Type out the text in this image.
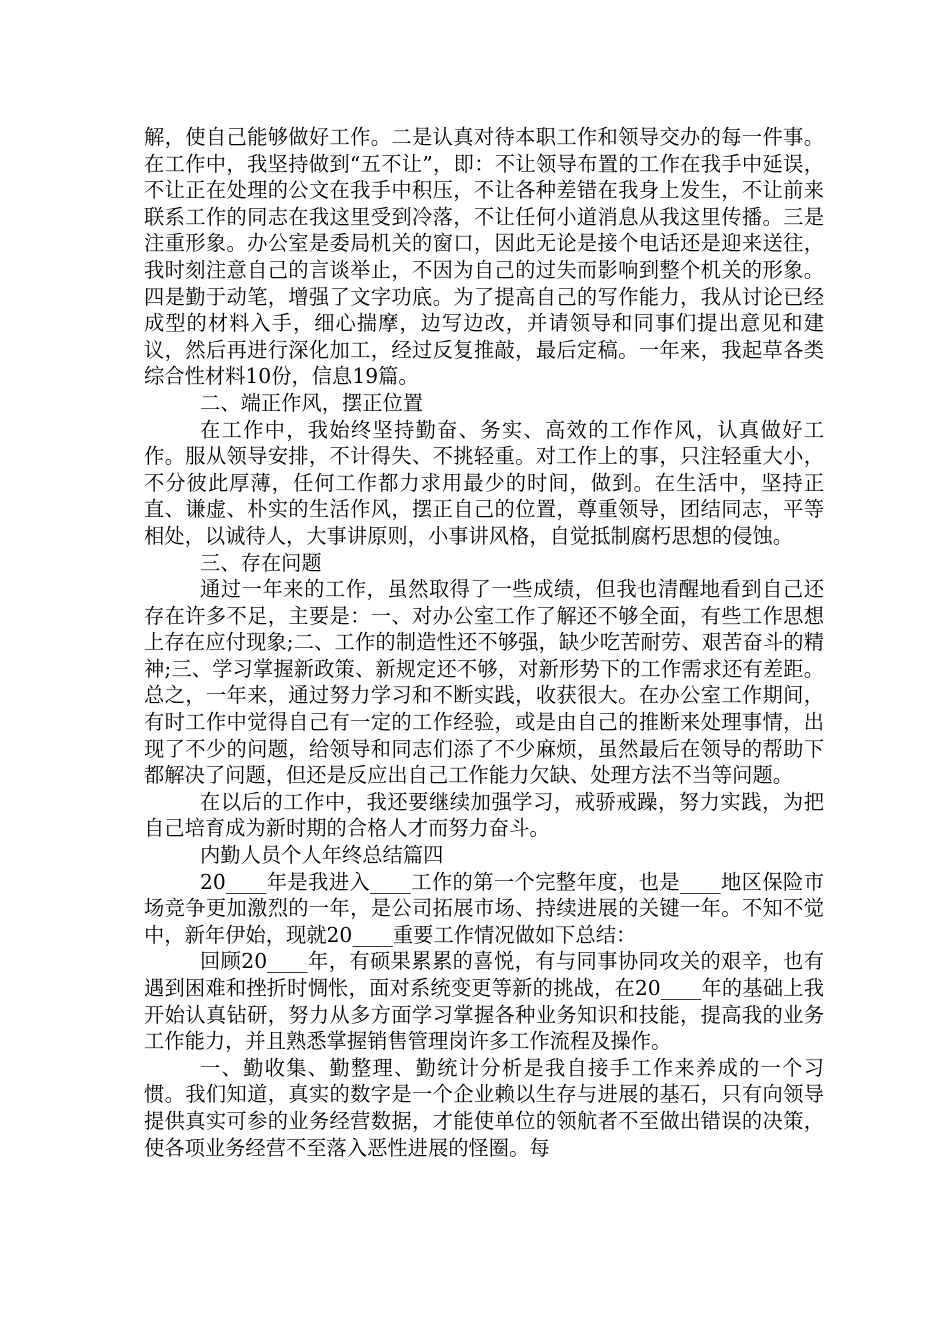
解，使自己能够做好工作。二是认真对待本职工作和领导交办的每一件事。在工作中，我坚持做到“五不让”，即：不让领导布置的工作在我手中延误，不让正在处理的公文在我手中积压，不让各种差错在我身上发生，不让前来联系工作的同志在我这里受到冷落，不让任何小道消息从我这里传播。三是注重形象。办公室是委局机关的窗口，因此无论是接个电话还是迎来送往，我时刻注意自己的言谈举止，不因为自己的过失而影响到整个机关的形象。四是勤于动笔，增强了文字功底。为了提高自己的写作能力，我从讨论已经成型的材料入手，细心揣摩，边写边改，并请领导和同事们提出意见和建议，然后再进行深化加工，经过反复推敲，最后定稿。一年来，我起草各类综合性材料10份，信息19篇。

二、端正作风，摆正位置

在工作中，我始终坚持勤奋、务实、高效的工作作风，认真做好工作。服从领导安排，不计得失、不挑轻重。对工作上的事，只注轻重大小，不分彼此厚薄，任何工作都力求用最少的时间，做到。在生活中，坚持正直、谦虚、朴实的生活作风，摆正自己的位置，尊重领导，团结同志，平等相处，以诚待人，大事讲原则，小事讲风格，自觉抵制腐朽思想的侵蚀。

三、存在问题

通过一年来的工作，虽然取得了一些成绩，但我也清醒地看到自己还存在许多不足，主要是：一、对办公室工作了解还不够全面，有些工作思想上存在应付现象;二、工作的制造性还不够强，缺少吃苦耐劳、艰苦奋斗的精神;三、学习掌握新政策、新规定还不够，对新形势下的工作需求还有差距。总之，一年来，通过努力学习和不断实践，收获很大。在办公室工作期间，有时工作中觉得自己有一定的工作经验，或是由自己的推断来处理事情，出现了不少的问题，给领导和同志们添了不少麻烦，虽然最后在领导的帮助下都解决了问题，但还是反应出自己工作能力欠缺、处理方法不当等问题。

在以后的工作中，我还要继续加强学习，戒骄戒躁，努力实践，为把自己培育成为新时期的合格人才而努力奋斗。

内勤人员个人年终总结篇四

20____年是我进入____工作的第一个完整年度，也是____地区保险市场竞争更加激烈的一年，是公司拓展市场、持续进展的关键一年。不知不觉中，新年伊始，现就20____重要工作情况做如下总结：

回顾20____年，有硕果累累的喜悦，有与同事协同攻关的艰辛，也有遇到困难和挫折时惆怅，面对系统变更等新的挑战，在20____年的基础上我开始认真钻研，努力从多方面学习掌握各种业务知识和技能，提高我的业务工作能力，并且熟悉掌握销售管理岗许多工作流程及操作。

一、勤收集、勤整理、勤统计分析是我自接手工作来养成的一个习惯。我们知道，真实的数字是一个企业赖以生存与进展的基石，只有向领导提供真实可参的业务经营数据，才能使单位的领航者不至做出错误的决策，使各项业务经营不至落入恶性进展的怪圈。每
